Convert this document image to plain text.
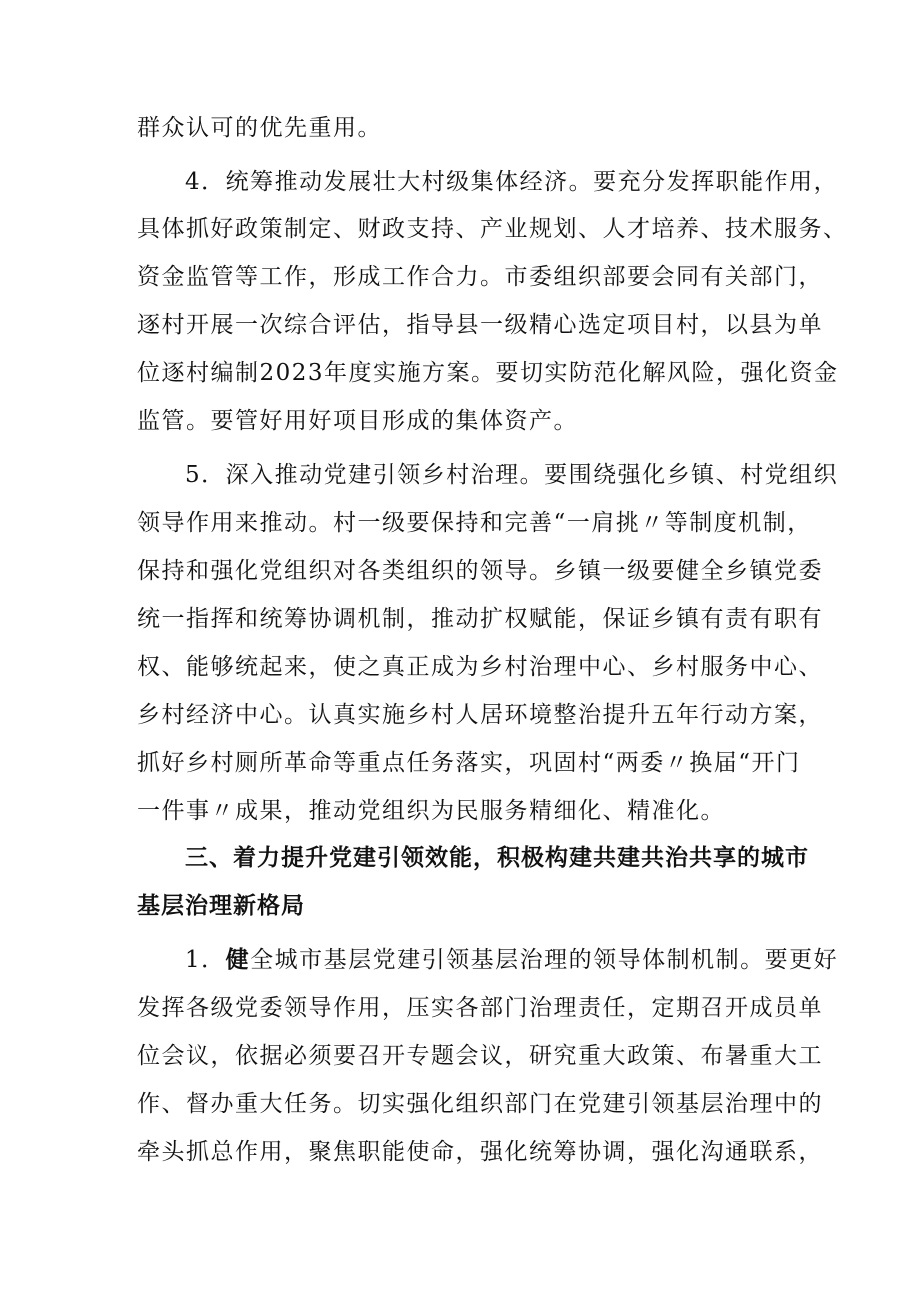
群众认可的优先重用。
4．统筹推动发展壮大村级集体经济。要充分发挥职能作用，
具体抓好政策制定、财政支持、产业规划、人才培养、技术服务、
资金监管等工作，形成工作合力。市委组织部要会同有关部门，
逐村开展一次综合评估，指导县一级精心选定项目村，以县为单
位逐村编制2023年度实施方案。要切实防范化解风险，强化资金
监管。要管好用好项目形成的集体资产。
5．深入推动党建引领乡村治理。要围绕强化乡镇、村党组织
领导作用来推动。村一级要保持和完善“一肩挑〃等制度机制，
保持和强化党组织对各类组织的领导。乡镇一级要健全乡镇党委
统一指挥和统筹协调机制，推动扩权赋能，保证乡镇有责有职有
权、能够统起来，使之真正成为乡村治理中心、乡村服务中心、
乡村经济中心。认真实施乡村人居环境整治提升五年行动方案，
抓好乡村厕所革命等重点任务落实，巩固村“两委〃换届“开门
一件事〃成果，推动党组织为民服务精细化、精准化。
三、着力提升党建引领效能，积极构建共建共治共享的城市
基层治理新格局
1．健全城市基层党建引领基层治理的领导体制机制。要更好
发挥各级党委领导作用，压实各部门治理责任，定期召开成员单
位会议，依据必须要召开专题会议，研究重大政策、布暑重大工
作、督办重大任务。切实强化组织部门在党建引领基层治理中的
牵头抓总作用，聚焦职能使命，强化统筹协调，强化沟通联系，
